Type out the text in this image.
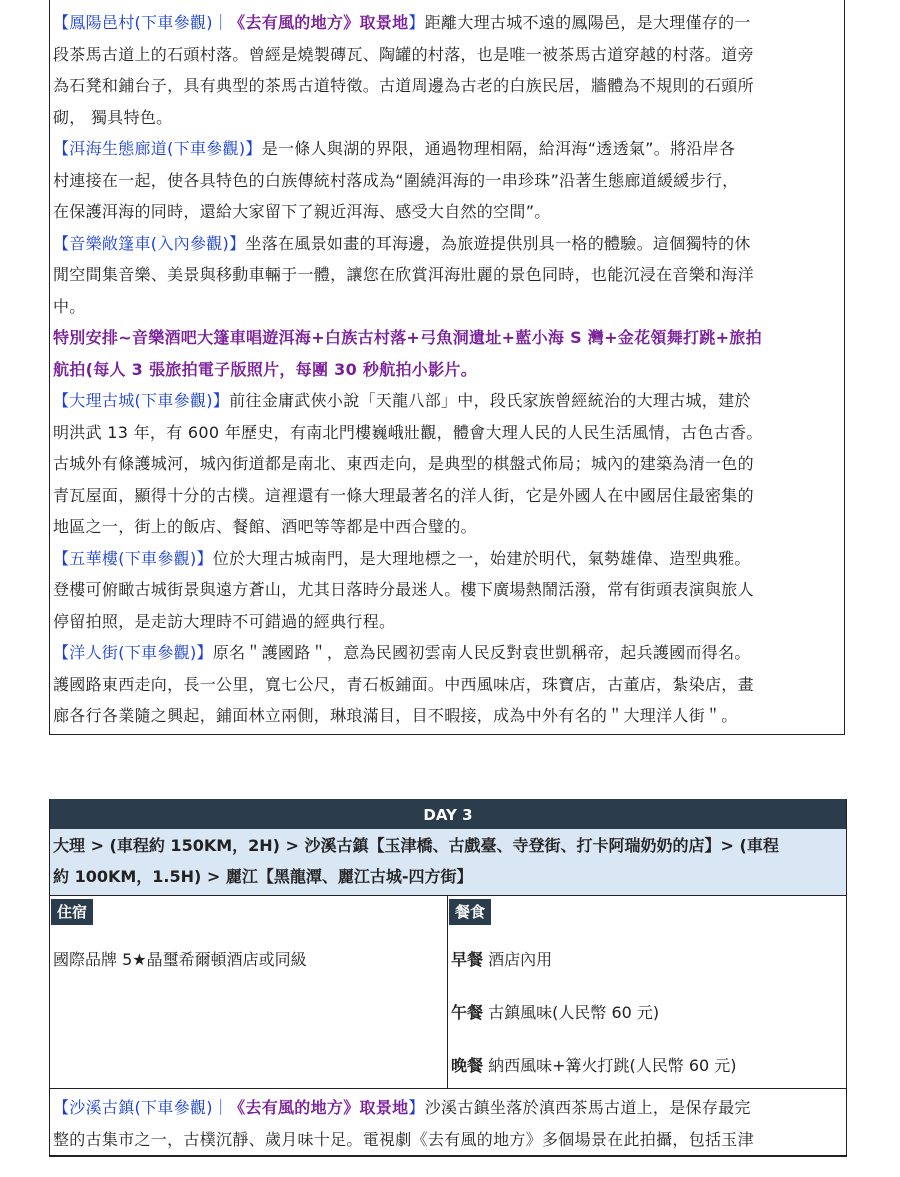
【鳳陽邑村(下車參觀)｜《去有風的地方》取景地】距離大理古城不遠的鳳陽邑，是大理僅存的一
段茶馬古道上的石頭村落。曾經是燒製磚瓦、陶罐的村落，也是唯一被茶馬古道穿越的村落。道旁
為石凳和鋪台子，具有典型的茶馬古道特徵。古道周邊為古老的白族民居，牆體為不規則的石頭所
砌， 獨具特色。
【洱海生態廊道(下車參觀)】是一條人與湖的界限，通過物理相隔，給洱海“透透氣”。將沿岸各
村連接在一起，使各具特色的白族傳統村落成為“圍繞洱海的一串珍珠”沿著生態廊道緩緩步行，
在保護洱海的同時，還給大家留下了親近洱海、感受大自然的空間”。
【音樂敞篷車(入內參觀)】坐落在風景如畫的耳海邊，為旅遊提供別具一格的體驗。這個獨特的休
閒空間集音樂、美景與移動車輛于一體，讓您在欣賞洱海壯麗的景色同時，也能沉浸在音樂和海洋
中。
特別安排~音樂酒吧大篷車唱遊洱海+白族古村落+弓魚洞遺址+藍小海 S 灣+金花領舞打跳+旅拍
航拍(每人 3 張旅拍電子版照片，每團 30 秒航拍小影片。
【大理古城(下車參觀)】前往金庸武俠小說「天龍八部」中，段氏家族曾經統治的大理古城，建於
明洪武 13 年，有 600 年歷史，有南北門樓巍峨壯觀，體會大理人民的人民生活風情，古色古香。
古城外有條護城河，城內街道都是南北、東西走向，是典型的棋盤式佈局；城內的建築為清一色的
青瓦屋面，顯得十分的古樸。這裡還有一條大理最著名的洋人街，它是外國人在中國居住最密集的
地區之一，街上的飯店、餐館、酒吧等等都是中西合璧的。
【五華樓(下車參觀)】位於大理古城南門，是大理地標之一，始建於明代，氣勢雄偉、造型典雅。
登樓可俯瞰古城街景與遠方蒼山，尤其日落時分最迷人。樓下廣場熱鬧活潑，常有街頭表演與旅人
停留拍照，是走訪大理時不可錯過的經典行程。
【洋人街(下車參觀)】原名＂護國路＂，意為民國初雲南人民反對袁世凱稱帝，起兵護國而得名。
護國路東西走向，長一公里，寬七公尺，青石板鋪面。中西風味店，珠寶店，古董店，紮染店，畫
廊各行各業隨之興起，鋪面林立兩側，琳琅滿目，目不暇接，成為中外有名的＂大理洋人街＂。
DAY 3
大理 > (車程約 150KM，2H) > 沙溪古鎮【玉津橋、古戲臺、寺登街、打卡阿瑞奶奶的店】> (車程
約 100KM，1.5H) > 麗江【黑龍潭、麗江古城-四方街】
住宿
國際品牌 5★晶璽希爾頓酒店或同級
餐食
早餐 酒店內用
午餐 古鎮風味(人民幣 60 元)
晚餐 納西風味+篝火打跳(人民幣 60 元)
【沙溪古鎮(下車參觀)｜《去有風的地方》取景地】沙溪古鎮坐落於滇西茶馬古道上，是保存最完
整的古集市之一，古樸沉靜、歲月味十足。電視劇《去有風的地方》多個場景在此拍攝，包括玉津
